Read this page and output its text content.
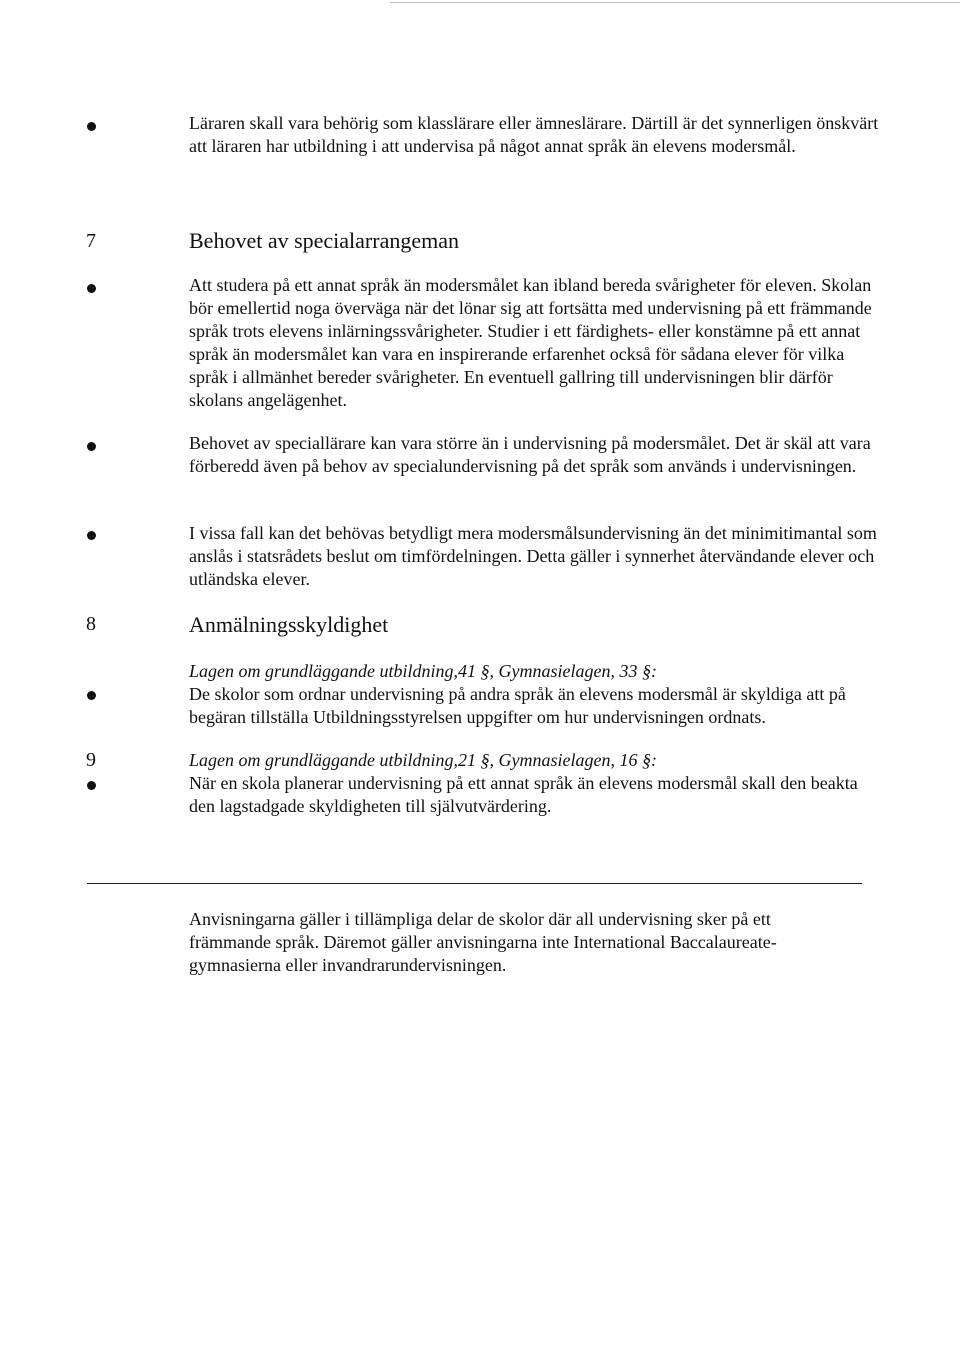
Läraren skall vara behörig som klasslärare eller ämneslärare. Därtill är det synnerligen önskvärt att läraren har utbildning i att undervisa på något annat språk än elevens modersmål.

7	Behovet av specialarrangeman

Att studera på ett annat språk än modersmålet kan ibland bereda svårigheter för eleven. Skolan bör emellertid noga överväga när det lönar sig att fortsätta med undervisning på ett främmande språk trots elevens inlärningssvårigheter. Studier i ett färdighets- eller konstämne på ett annat språk än modersmålet kan vara en inspirerande erfarenhet också för sådana elever för vilka språk i allmänhet bereder svårigheter. En eventuell gallring till undervisningen blir därför skolans angelägenhet.

Behovet av speciallärare kan vara större än i undervisning på modersmålet. Det är skäl att vara förberedd även på behov av specialundervisning på det språk som används i undervisningen.

I vissa fall kan det behövas betydligt mera modersmålsundervisning än det minimitimantal som anslås i statsrådets beslut om timfördelningen. Detta gäller i synnerhet återvändande elever och utländska elever.

8	Anmälningsskyldighet

Lagen om grundläggande utbildning,41 §, Gymnasielagen, 33 §:

De skolor som ordnar undervisning på andra språk än elevens modersmål är skyldiga att på begäran tillställa Utbildningsstyrelsen uppgifter om hur undervisningen ordnats.

9	Lagen om grundläggande utbildning,21 §, Gymnasielagen, 16 §:

När en skola planerar undervisning på ett annat språk än elevens modersmål skall den beakta den lagstadgade skyldigheten till självutvärdering.

Anvisningarna gäller i tillämpliga delar de skolor där all undervisning sker på ett främmande språk. Däremot gäller anvisningarna inte International Baccalaureate-gymnasierna eller invandrarundervisningen.
